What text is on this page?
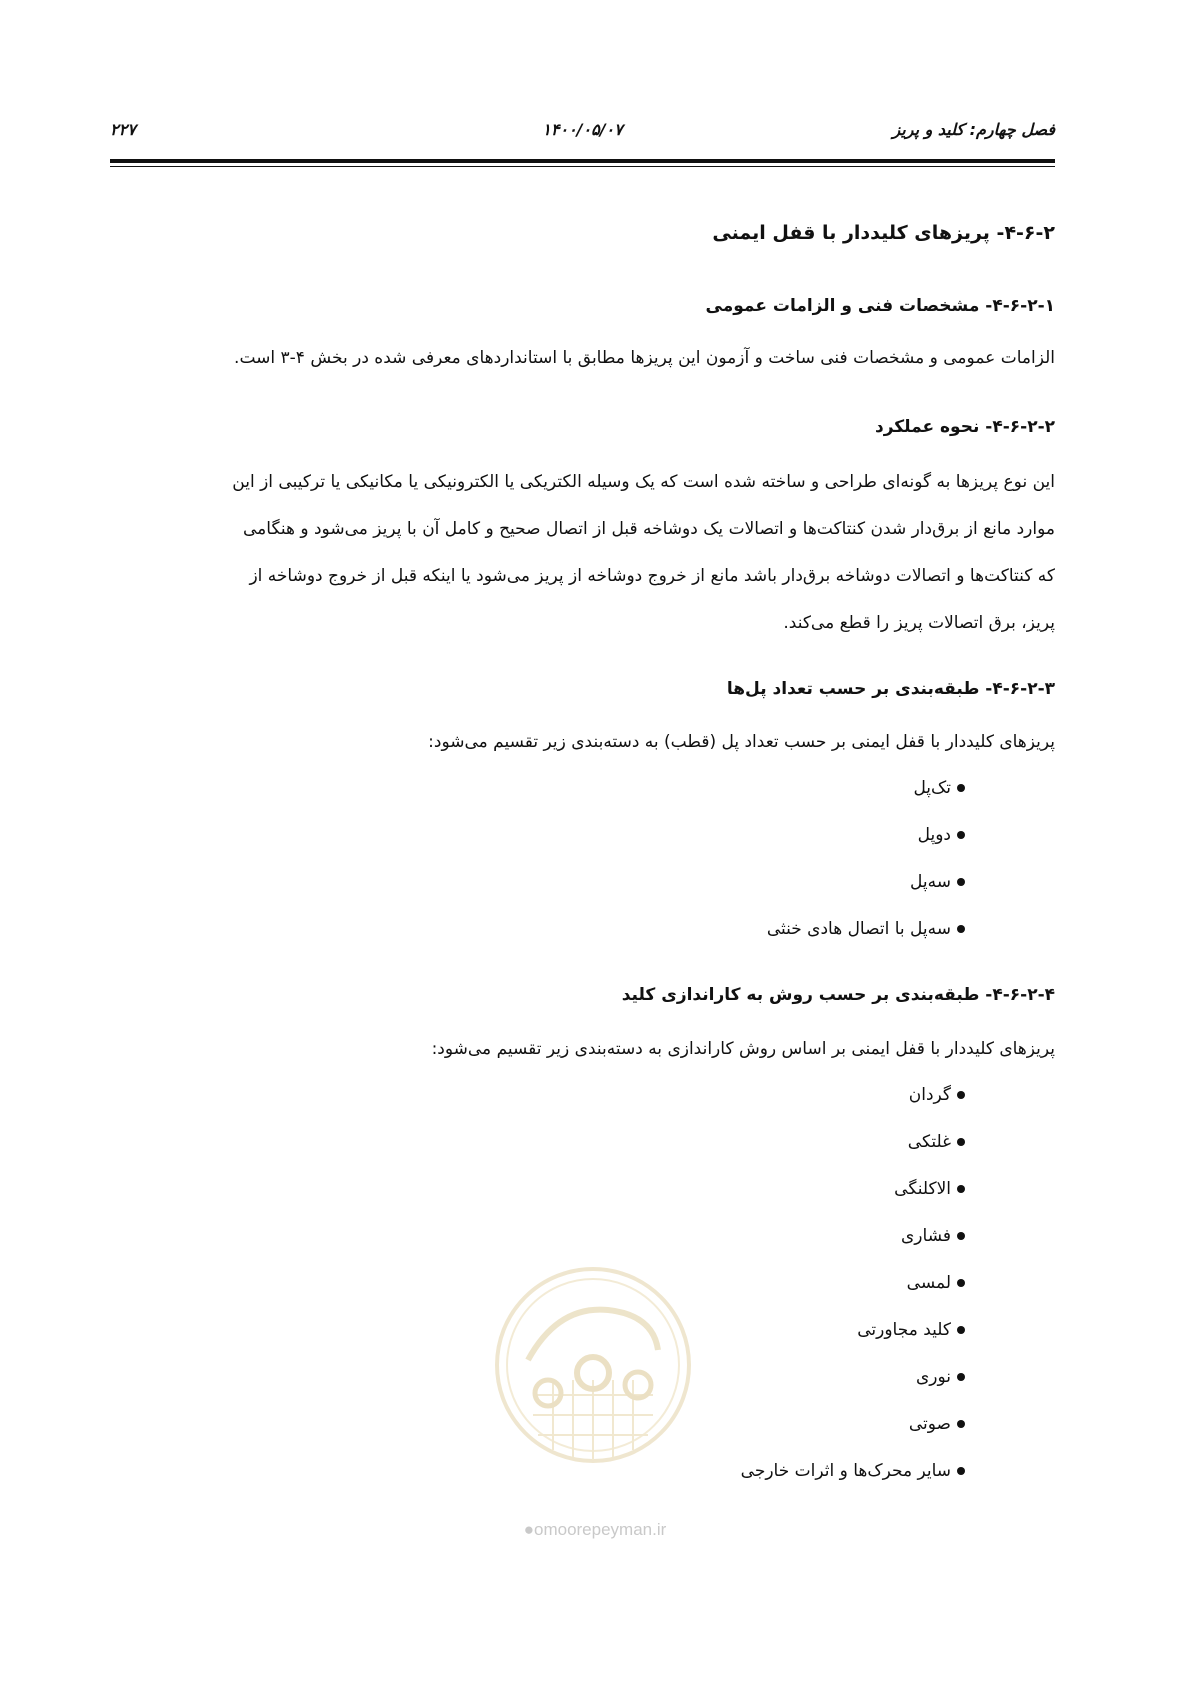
فصل چهارم: کلید و پریز
۱۴۰۰/۰۵/۰۷
۲۲۷
۴-۶-۲- پریزهای کلیددار با قفل ایمنی
۴-۶-۲-۱- مشخصات فنی و الزامات عمومی
الزامات عمومی و مشخصات فنی ساخت و آزمون این پریزها مطابق با استانداردهای معرفی شده در بخش ۴-۳ است.
۴-۶-۲-۲- نحوه عملکرد

این نوع پریزها به گونه‌ای طراحی و ساخته شده است که یک وسیله الکتریکی یا الکترونیکی یا مکانیکی یا ترکیبی از این

موارد مانع از برق‌دار شدن کنتاکت‌ها و اتصالات یک دوشاخه قبل از اتصال صحیح و کامل آن با پریز می‌شود و هنگامی

که کنتاکت‌ها و اتصالات دوشاخه برق‌دار باشد مانع از خروج دوشاخه از پریز می‌شود یا اینکه قبل از خروج دوشاخه از

پریز، برق اتصالات پریز را قطع می‌کند.

۴-۶-۲-۳- طبقه‌بندی بر حسب تعداد پل‌ها
پریزهای کلیددار با قفل ایمنی بر حسب تعداد پل (قطب) به دسته‌بندی زیر تقسیم می‌شود:
تک‌پل
دوپل
سه‌پل
سه‌پل با اتصال هادی خنثی
۴-۶-۲-۴- طبقه‌بندی بر حسب روش به کاراندازی کلید
پریزهای کلیددار با قفل ایمنی بر اساس روش کاراندازی به دسته‌بندی زیر تقسیم می‌شود:
گردان
غلتکی
الاکلنگی
فشاری
لمسی
کلید مجاورتی
نوری
صوتی
سایر محرک‌ها و اثرات خارجی
●omoorepeyman.ir
